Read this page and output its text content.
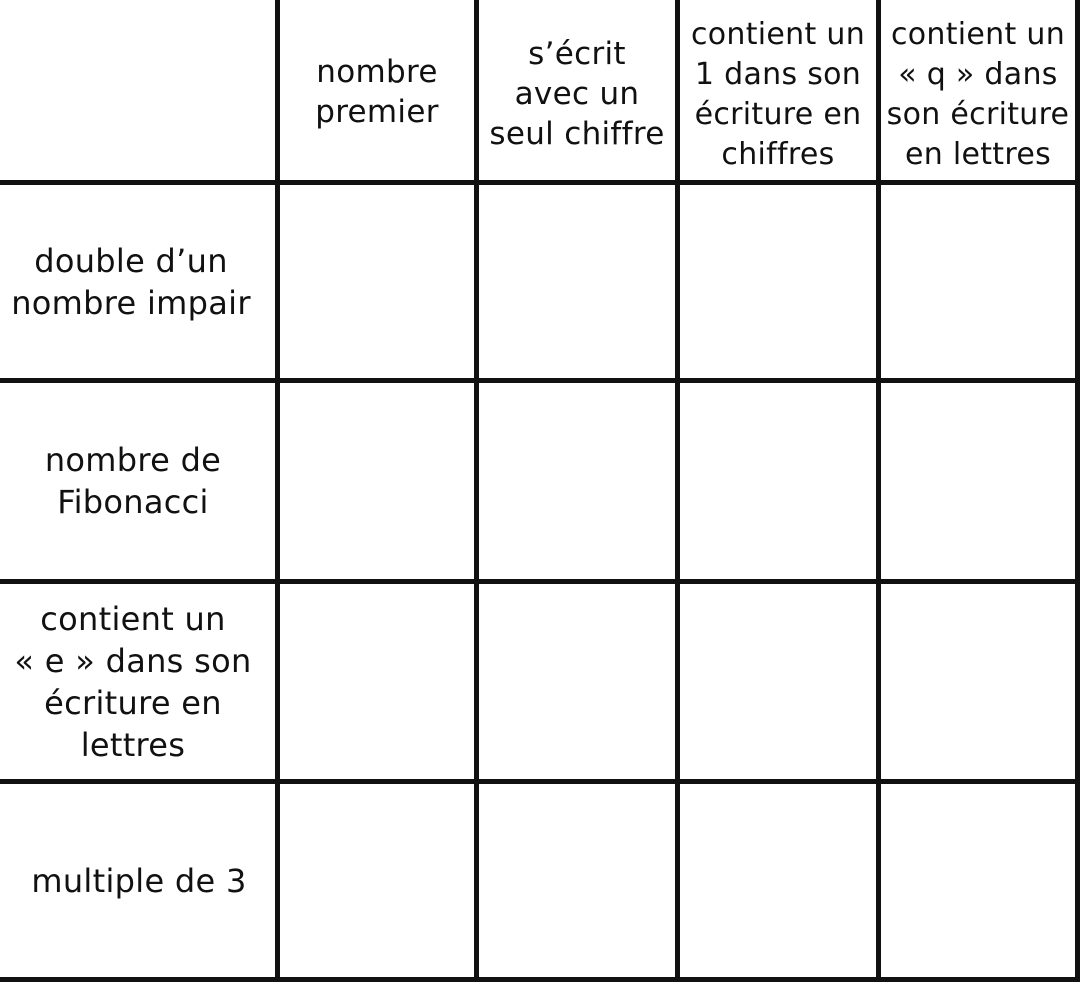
nombre
premier
s’écrit
avec un
seul chiffre
contient un
1 dans son
écriture en
chiffres
contient un
« q » dans
son écriture
en lettres
double d’un
nombre impair
nombre de
Fibonacci
contient un
« e » dans son
écriture en
lettres
multiple de 3
